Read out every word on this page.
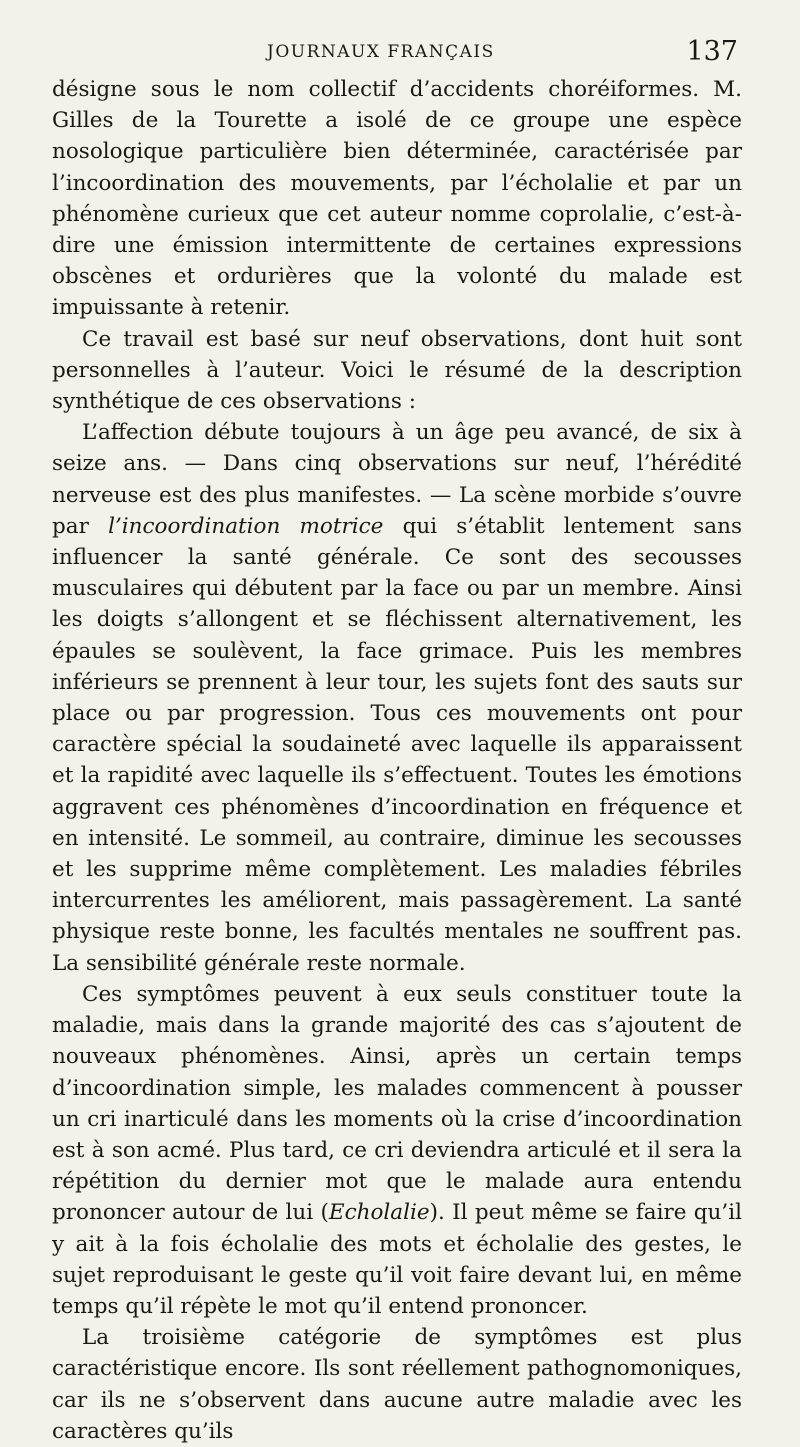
JOURNAUX FRANÇAIS	137

désigne sous le nom collectif d’accidents choréiformes. M. Gilles de la Tourette a isolé de ce groupe une espèce nosologique particulière bien déterminée, caractérisée par l’incoordination des mouvements, par l’écholalie et par un phénomène curieux que cet auteur nomme coprolalie, c’est-à-dire une émission intermittente de certaines expressions obscènes et ordurières que la volonté du malade est impuissante à retenir.

Ce travail est basé sur neuf observations, dont huit sont personnelles à l’auteur. Voici le résumé de la description synthétique de ces observations :

L’affection débute toujours à un âge peu avancé, de six à seize ans. — Dans cinq observations sur neuf, l’hérédité nerveuse est des plus manifestes. — La scène morbide s’ouvre par l’incoordination motrice qui s’établit lentement sans influencer la santé générale. Ce sont des secousses musculaires qui débutent par la face ou par un membre. Ainsi les doigts s’allongent et se fléchissent alternativement, les épaules se soulèvent, la face grimace. Puis les membres inférieurs se prennent à leur tour, les sujets font des sauts sur place ou par progression. Tous ces mouvements ont pour caractère spécial la soudaineté avec laquelle ils apparaissent et la rapidité avec laquelle ils s’effectuent. Toutes les émotions aggravent ces phénomènes d’incoordination en fréquence et en intensité. Le sommeil, au contraire, diminue les secousses et les supprime même complètement. Les maladies fébriles intercurrentes les améliorent, mais passagèrement. La santé physique reste bonne, les facultés mentales ne souffrent pas. La sensibilité générale reste normale.

Ces symptômes peuvent à eux seuls constituer toute la maladie, mais dans la grande majorité des cas s’ajoutent de nouveaux phénomènes. Ainsi, après un certain temps d’incoordination simple, les malades commencent à pousser un cri inarticulé dans les moments où la crise d’incoordination est à son acmé. Plus tard, ce cri deviendra articulé et il sera la répétition du dernier mot que le malade aura entendu prononcer autour de lui (Echolalie). Il peut même se faire qu’il y ait à la fois écholalie des mots et écholalie des gestes, le sujet reproduisant le geste qu’il voit faire devant lui, en même temps qu’il répète le mot qu’il entend prononcer.

La troisième catégorie de symptômes est plus caractéristique encore. Ils sont réellement pathognomoniques, car ils ne s’observent dans aucune autre maladie avec les caractères qu’ils
